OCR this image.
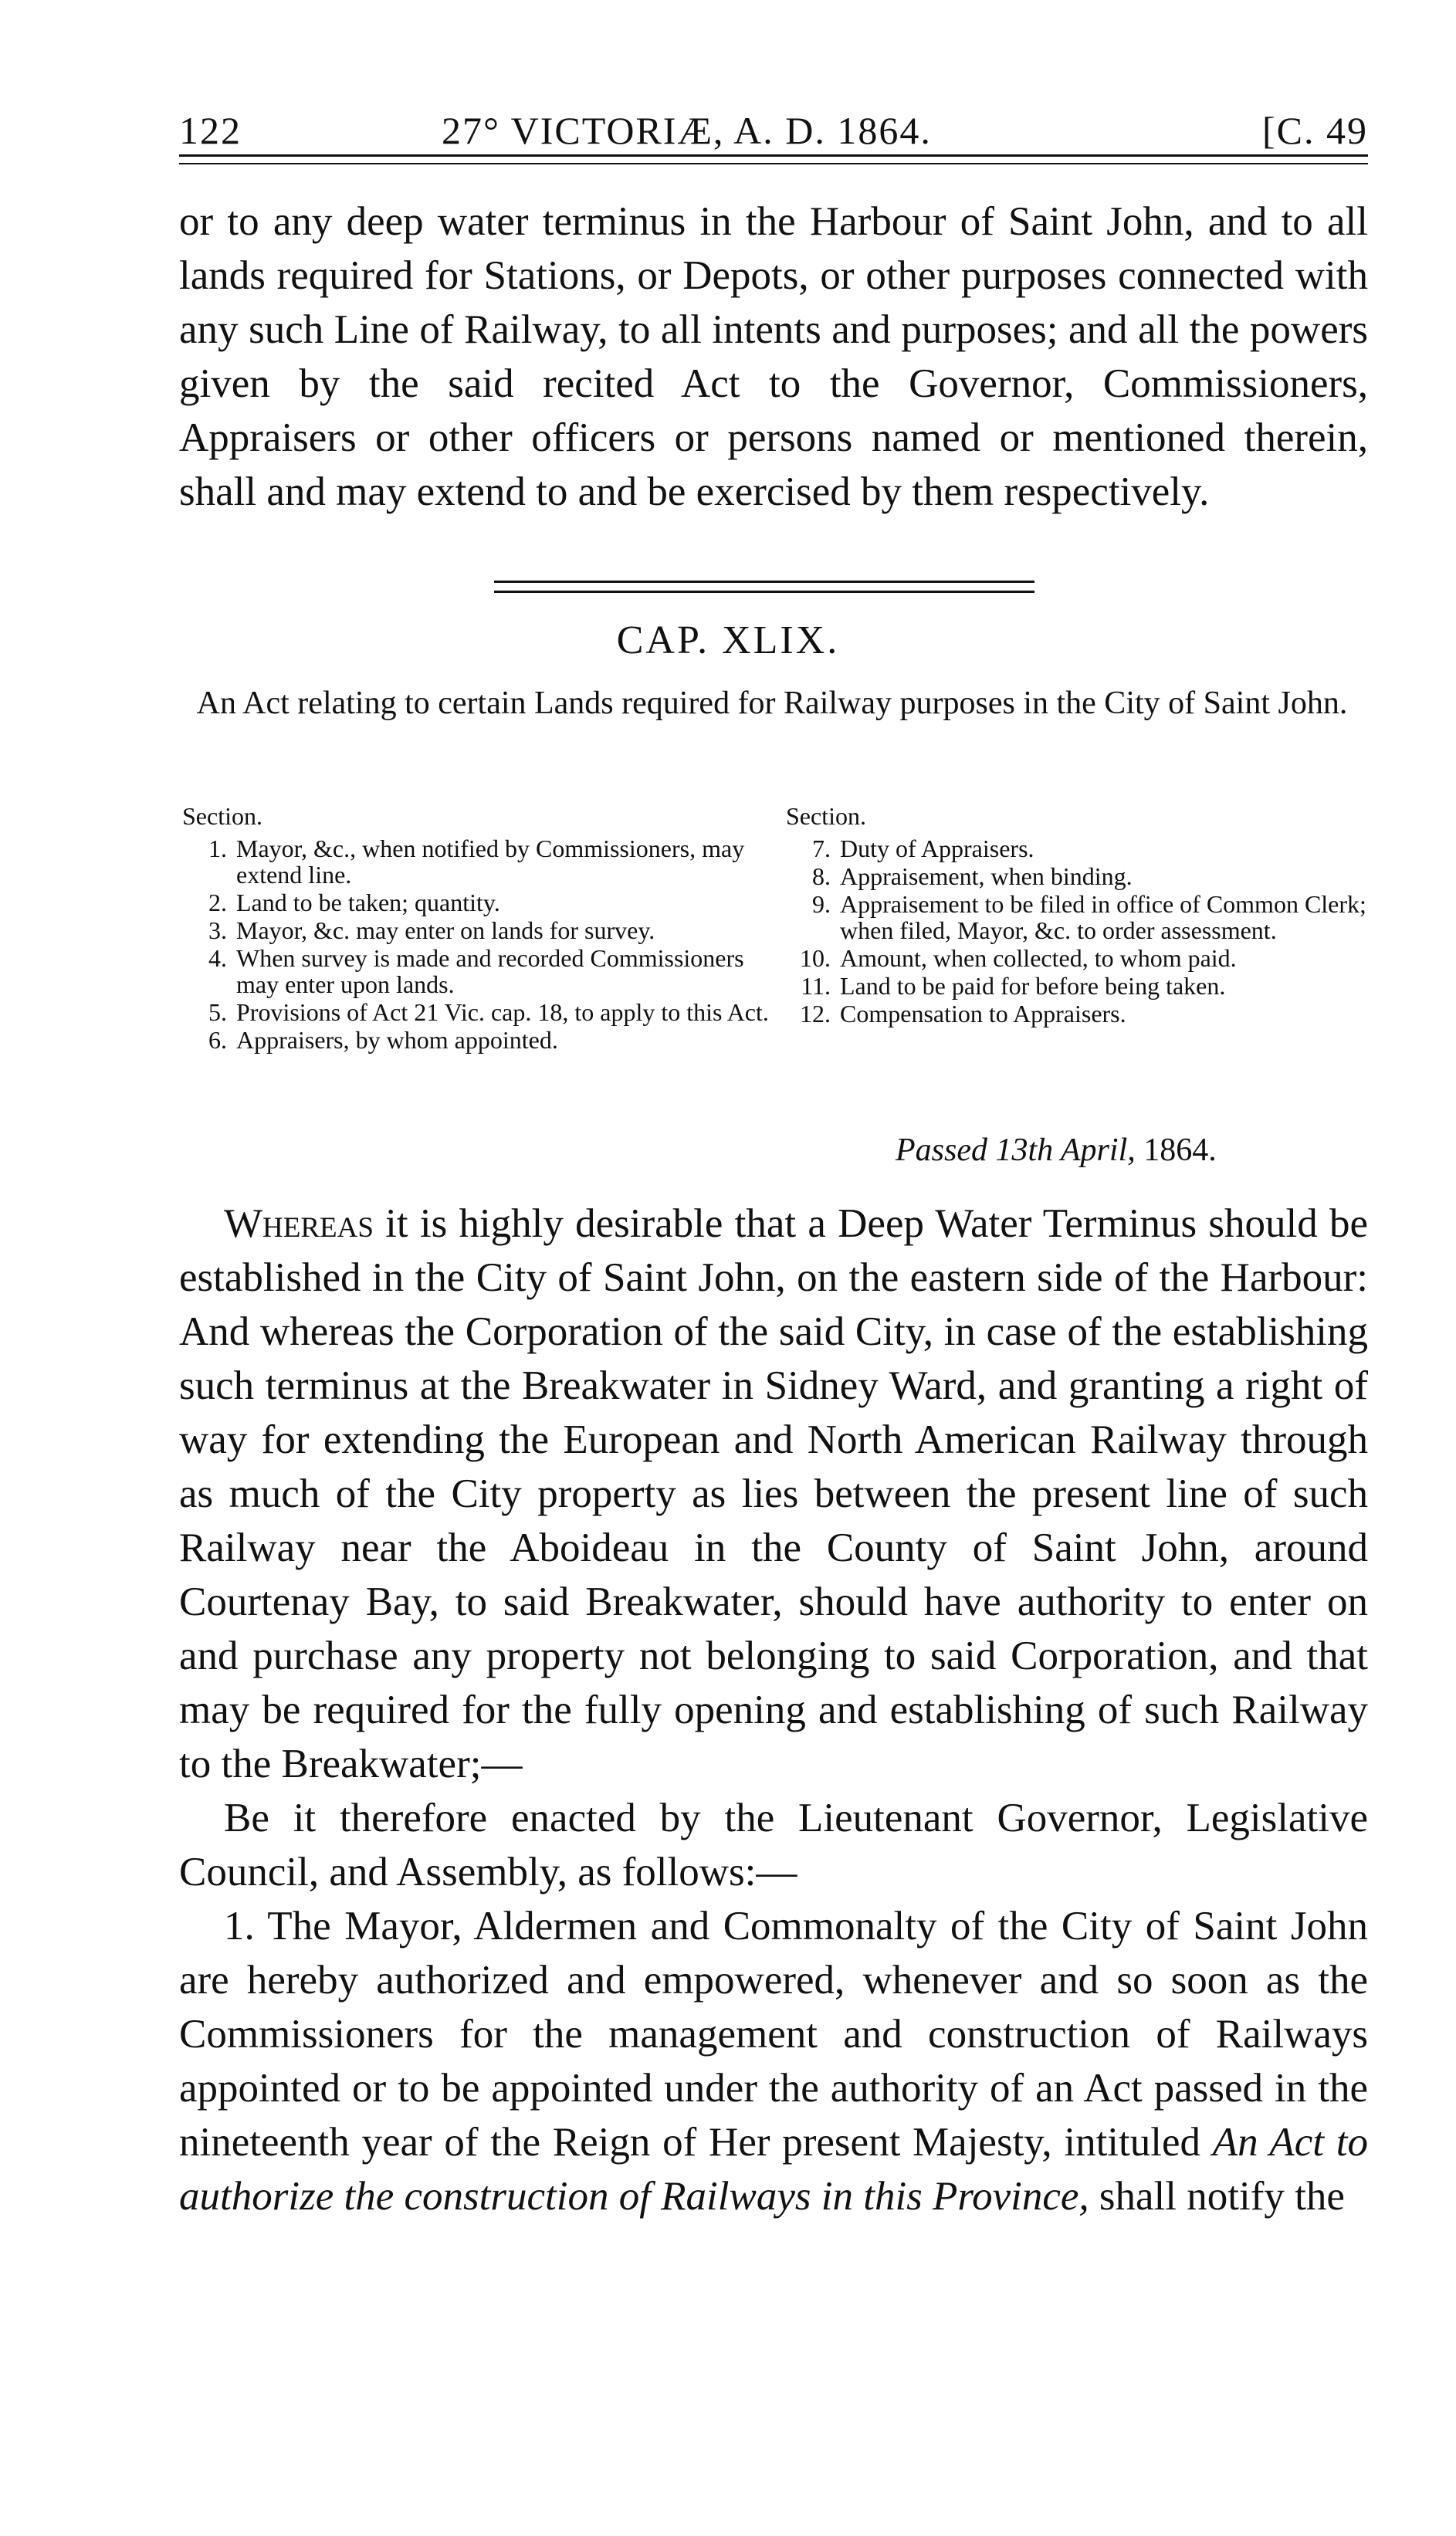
122	27° VICTORIÆ, A. D. 1864.	[C. 49

or to any deep water terminus in the Harbour of Saint John, and to all lands required for Stations, or Depots, or other purposes connected with any such Line of Railway, to all intents and purposes; and all the powers given by the said recited Act to the Governor, Commissioners, Appraisers or other officers or persons named or mentioned therein, shall and may extend to and be exercised by them respectively.

CAP. XLIX.
An Act relating to certain Lands required for Railway purposes in the City of Saint John.
Section.
1. Mayor, &c., when notified by Commissioners, may extend line.
2. Land to be taken; quantity.
3. Mayor, &c. may enter on lands for survey.
4. When survey is made and recorded Commissioners may enter upon lands.
5. Provisions of Act 21 Vic. cap. 18, to apply to this Act.
6. Appraisers, by whom appointed.
Section.
7. Duty of Appraisers.
8. Appraisement, when binding.
9. Appraisement to be filed in office of Common Clerk; when filed, Mayor, &c. to order assessment.
10. Amount, when collected, to whom paid.
11. Land to be paid for before being taken.
12. Compensation to Appraisers.
Passed 13th April, 1864.

Whereas it is highly desirable that a Deep Water Terminus should be established in the City of Saint John, on the eastern side of the Harbour: And whereas the Corporation of the said City, in case of the establishing such terminus at the Breakwater in Sidney Ward, and granting a right of way for extending the European and North American Railway through as much of the City property as lies between the present line of such Railway near the Aboideau in the County of Saint John, around Courtenay Bay, to said Breakwater, should have authority to enter on and purchase any property not belonging to said Corporation, and that may be required for the fully opening and establishing of such Railway to the Breakwater;—

Be it therefore enacted by the Lieutenant Governor, Legislative Council, and Assembly, as follows:—

1. The Mayor, Aldermen and Commonalty of the City of Saint John are hereby authorized and empowered, whenever and so soon as the Commissioners for the management and construction of Railways appointed or to be appointed under the authority of an Act passed in the nineteenth year of the Reign of Her present Majesty, intituled An Act to authorize the construction of Railways in this Province, shall notify the
